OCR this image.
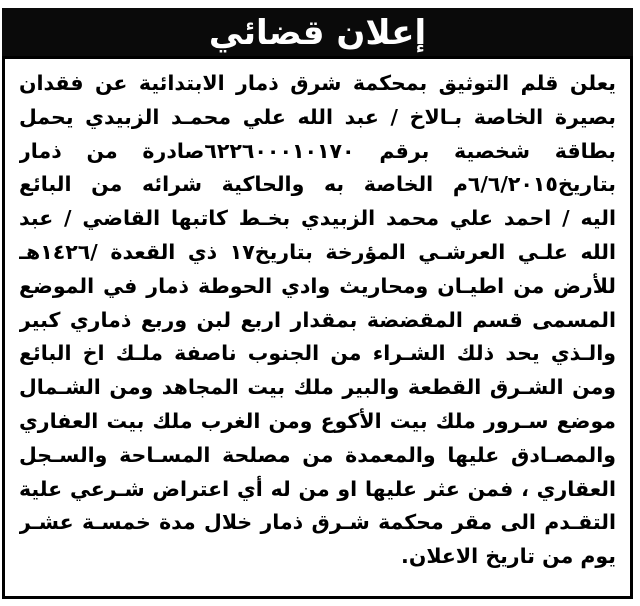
إعلان قضائي
يعلن قلم التوثيق بمحكمة شرق ذمار الابتدائية عن فقدان
بصيرة الخاصة بـالاخ / عبد الله علي محمـد الزبيدي يحمل
بطاقة شخصية برقم ٦٢٢٦٠٠٠١٠١٧٠صادرة من ذمار
بتاريخ٦/٦/٢٠١٥م الخاصة به والحاكية شرائه من البائع
اليه / احمد علي محمد الزبيدي بخـط كاتبها القاضي / عبد
الله علـي العرشـي المؤرخة بتاريخ١٧ ذي القعدة /١٤٢٦هـ
للأرض من اطيـان ومحاريث وادي الحوطة ذمار في الموضع
المسمى قسم المقضضة بمقدار اربع لبن وربع ذماري كبير
والـذي يحد ذلك الشـراء من الجنوب ناصفة ملـك اخ البائع
ومن الشـرق القطعة والبير ملك بيت المجاهد ومن الشـمال
موضع سـرور ملك بيت الأكوع ومن الغرب ملك بيت العفاري
والمصـادق عليها والمعمدة من مصلحة المسـاحة والسـجل
العقاري ، فمن عثر عليها او من له أي اعتراض شـرعي علية
التقـدم الى مقر محكمة شـرق ذمار خلال مدة خمسـة عشـر
يوم من تاريخ الاعلان.
